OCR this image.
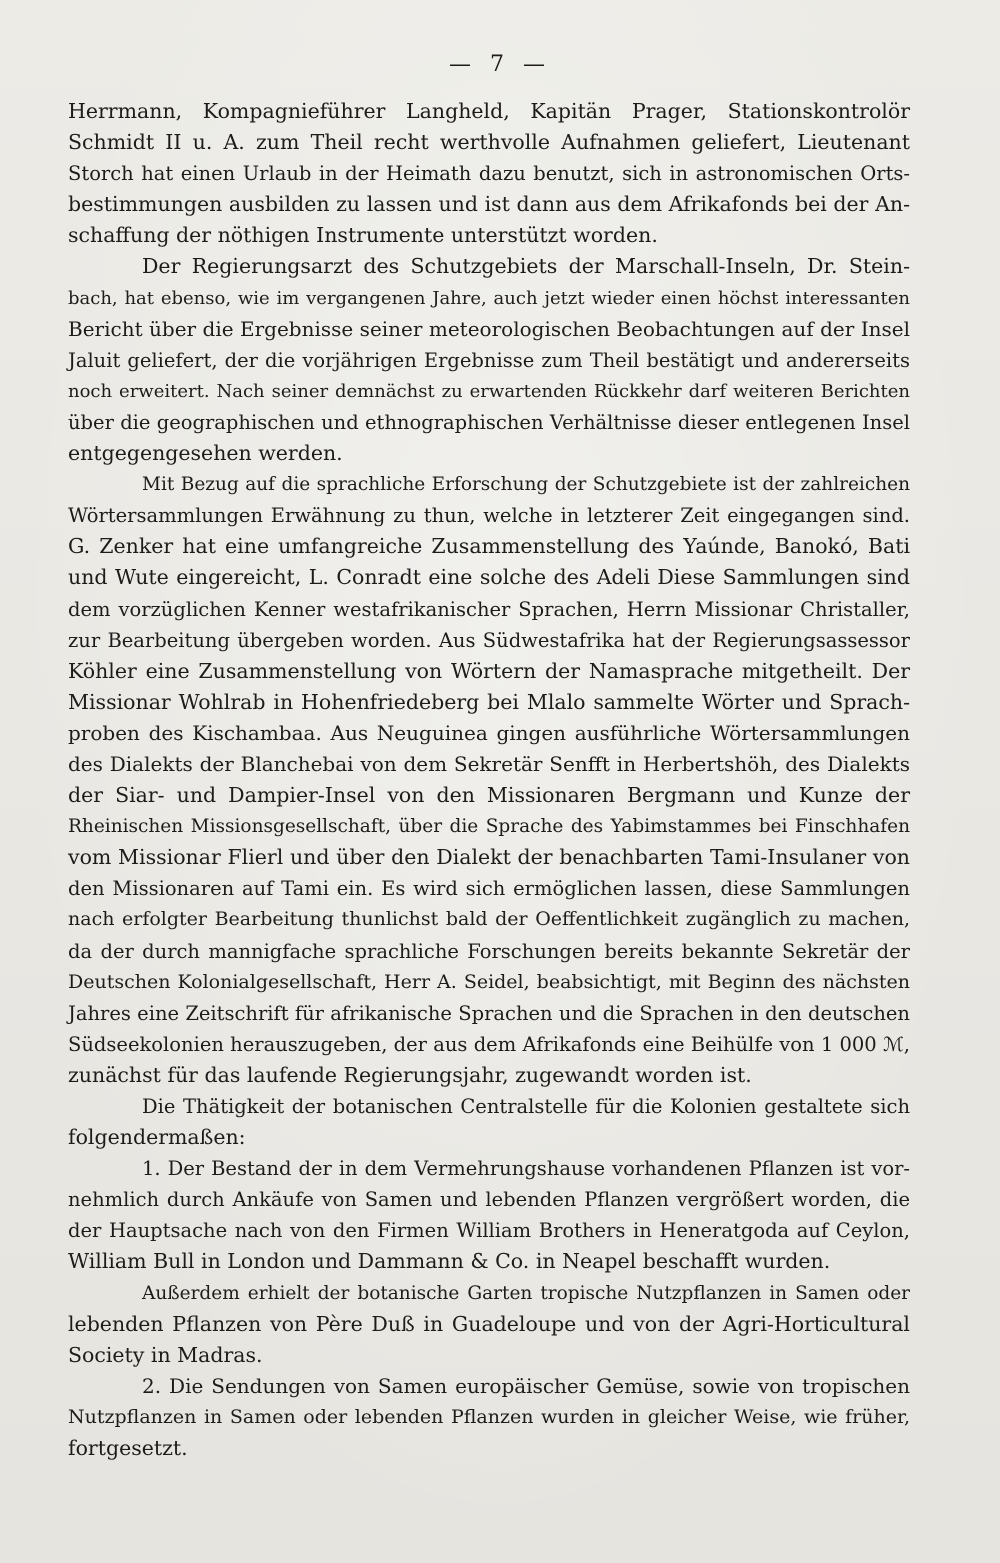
— 7 —
Herrmann, Kompagnieführer Langheld, Kapitän Prager, Stationskontrolör
Schmidt II u. A. zum Theil recht werthvolle Aufnahmen geliefert, Lieutenant
Storch hat einen Urlaub in der Heimath dazu benutzt, sich in astronomischen Orts-
bestimmungen ausbilden zu lassen und ist dann aus dem Afrikafonds bei der An-
schaffung der nöthigen Instrumente unterstützt worden.
Der Regierungsarzt des Schutzgebiets der Marschall-Inseln, Dr. Stein-
bach, hat ebenso, wie im vergangenen Jahre, auch jetzt wieder einen höchst interessanten
Bericht über die Ergebnisse seiner meteorologischen Beobachtungen auf der Insel
Jaluit geliefert, der die vorjährigen Ergebnisse zum Theil bestätigt und andererseits
noch erweitert. Nach seiner demnächst zu erwartenden Rückkehr darf weiteren Berichten
über die geographischen und ethnographischen Verhältnisse dieser entlegenen Insel
entgegengesehen werden.
Mit Bezug auf die sprachliche Erforschung der Schutzgebiete ist der zahlreichen
Wörtersammlungen Erwähnung zu thun, welche in letzterer Zeit eingegangen sind.
G. Zenker hat eine umfangreiche Zusammenstellung des Yaúnde, Banokó, Bati
und Wute eingereicht, L. Conradt eine solche des Adeli Diese Sammlungen sind
dem vorzüglichen Kenner westafrikanischer Sprachen, Herrn Missionar Christaller,
zur Bearbeitung übergeben worden. Aus Südwestafrika hat der Regierungsassessor
Köhler eine Zusammenstellung von Wörtern der Namasprache mitgetheilt. Der
Missionar Wohlrab in Hohenfriedeberg bei Mlalo sammelte Wörter und Sprach-
proben des Kischambaa. Aus Neuguinea gingen ausführliche Wörtersammlungen
des Dialekts der Blanchebai von dem Sekretär Senfft in Herbertshöh, des Dialekts
der Siar- und Dampier-Insel von den Missionaren Bergmann und Kunze der
Rheinischen Missionsgesellschaft, über die Sprache des Yabimstammes bei Finschhafen
vom Missionar Flierl und über den Dialekt der benachbarten Tami-Insulaner von
den Missionaren auf Tami ein. Es wird sich ermöglichen lassen, diese Sammlungen
nach erfolgter Bearbeitung thunlichst bald der Oeffentlichkeit zugänglich zu machen,
da der durch mannigfache sprachliche Forschungen bereits bekannte Sekretär der
Deutschen Kolonialgesellschaft, Herr A. Seidel, beabsichtigt, mit Beginn des nächsten
Jahres eine Zeitschrift für afrikanische Sprachen und die Sprachen in den deutschen
Südseekolonien herauszugeben, der aus dem Afrikafonds eine Beihülfe von 1 000 ℳ,
zunächst für das laufende Regierungsjahr, zugewandt worden ist.
Die Thätigkeit der botanischen Centralstelle für die Kolonien gestaltete sich
folgendermaßen:
1. Der Bestand der in dem Vermehrungshause vorhandenen Pflanzen ist vor-
nehmlich durch Ankäufe von Samen und lebenden Pflanzen vergrößert worden, die
der Hauptsache nach von den Firmen William Brothers in Heneratgoda auf Ceylon,
William Bull in London und Dammann & Co. in Neapel beschafft wurden.
Außerdem erhielt der botanische Garten tropische Nutzpflanzen in Samen oder
lebenden Pflanzen von Père Duß in Guadeloupe und von der Agri-Horticultural
Society in Madras.
2. Die Sendungen von Samen europäischer Gemüse, sowie von tropischen
Nutzpflanzen in Samen oder lebenden Pflanzen wurden in gleicher Weise, wie früher,
fortgesetzt.
